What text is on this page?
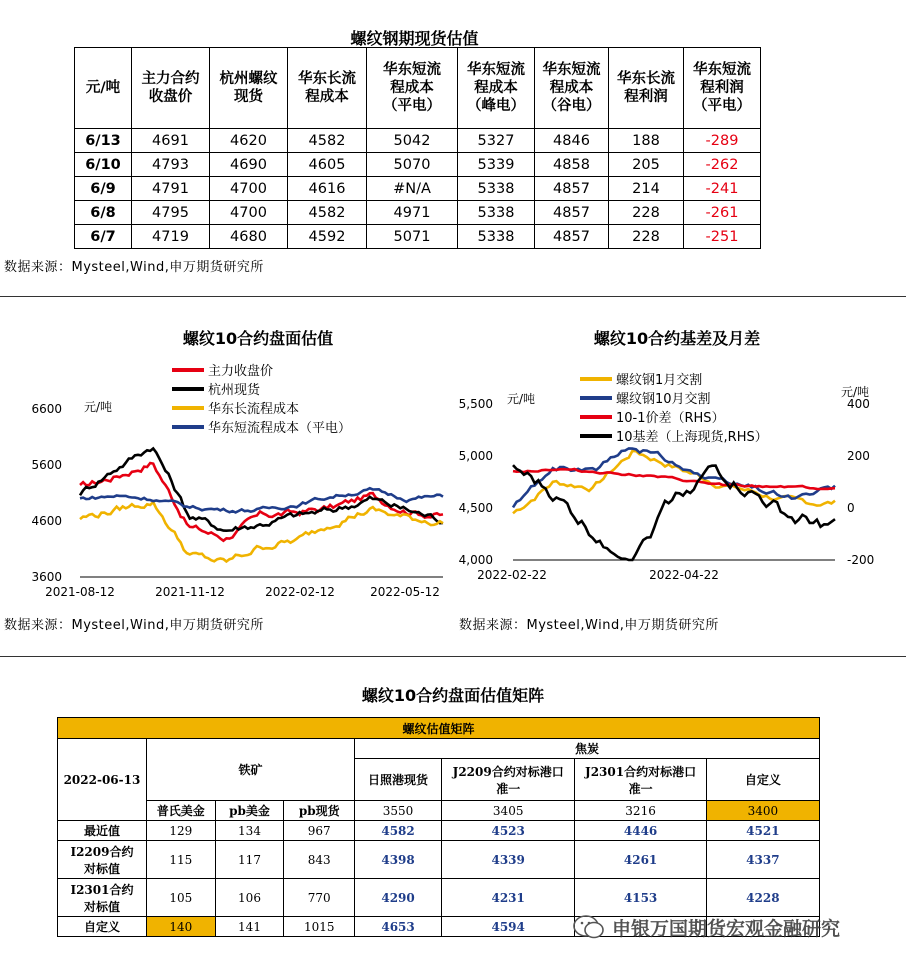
螺纹钢期现货估值
元/吨	主力合约收盘价	杭州螺纹现货	华东长流程成本	华东短流程成本（平电）	华东短流程成本（峰电）	华东短流程成本（谷电）	华东长流程利润	华东短流程利润（平电）

6/13	4691	4620	4582	5042	5327	4846	188	-289
6/10	4793	4690	4605	5070	5339	4858	205	-262
6/9	4791	4700	4616	#N/A	5338	4857	214	-241
6/8	4795	4700	4582	4971	5338	4857	228	-261
6/7	4719	4680	4592	5071	5338	4857	228	-251
数据来源：Mysteel,Wind,申万期货研究所
螺纹10合约盘面估值
主力收盘价
杭州现货
华东长流程成本
华东短流程成本（平电）
6600
5600
4600
3600
元/吨
2021-08-12	2021-11-12	2022-02-12	2022-05-12
数据来源：Mysteel,Wind,申万期货研究所
螺纹10合约基差及月差
螺纹钢1月交割
螺纹钢10月交割
10-1价差（RHS）
10基差（上海现货,RHS）
5,500
5,000
4,500
4,000
400
200
0
-200
元/吨	元/吨
2022-02-22	2022-04-22
数据来源：Mysteel,Wind,申万期货研究所
螺纹10合约盘面估值矩阵
螺纹估值矩阵							
2022-06-13	铁矿			焦炭			
				日照港现货	J2209合约对标港口准一	J2301合约对标港口准一	自定义
	普氏美金	pb美金	pb现货	3550	3405	3216	3400
最近值	129	134	967	4582	4523	4446	4521
I2209合约对标值	115	117	843	4398	4339	4261	4337
I2301合约对标值	105	106	770	4290	4231	4153	4228
自定义	140	141	1015	4653	4594			申银万国期货宏观金融研究
